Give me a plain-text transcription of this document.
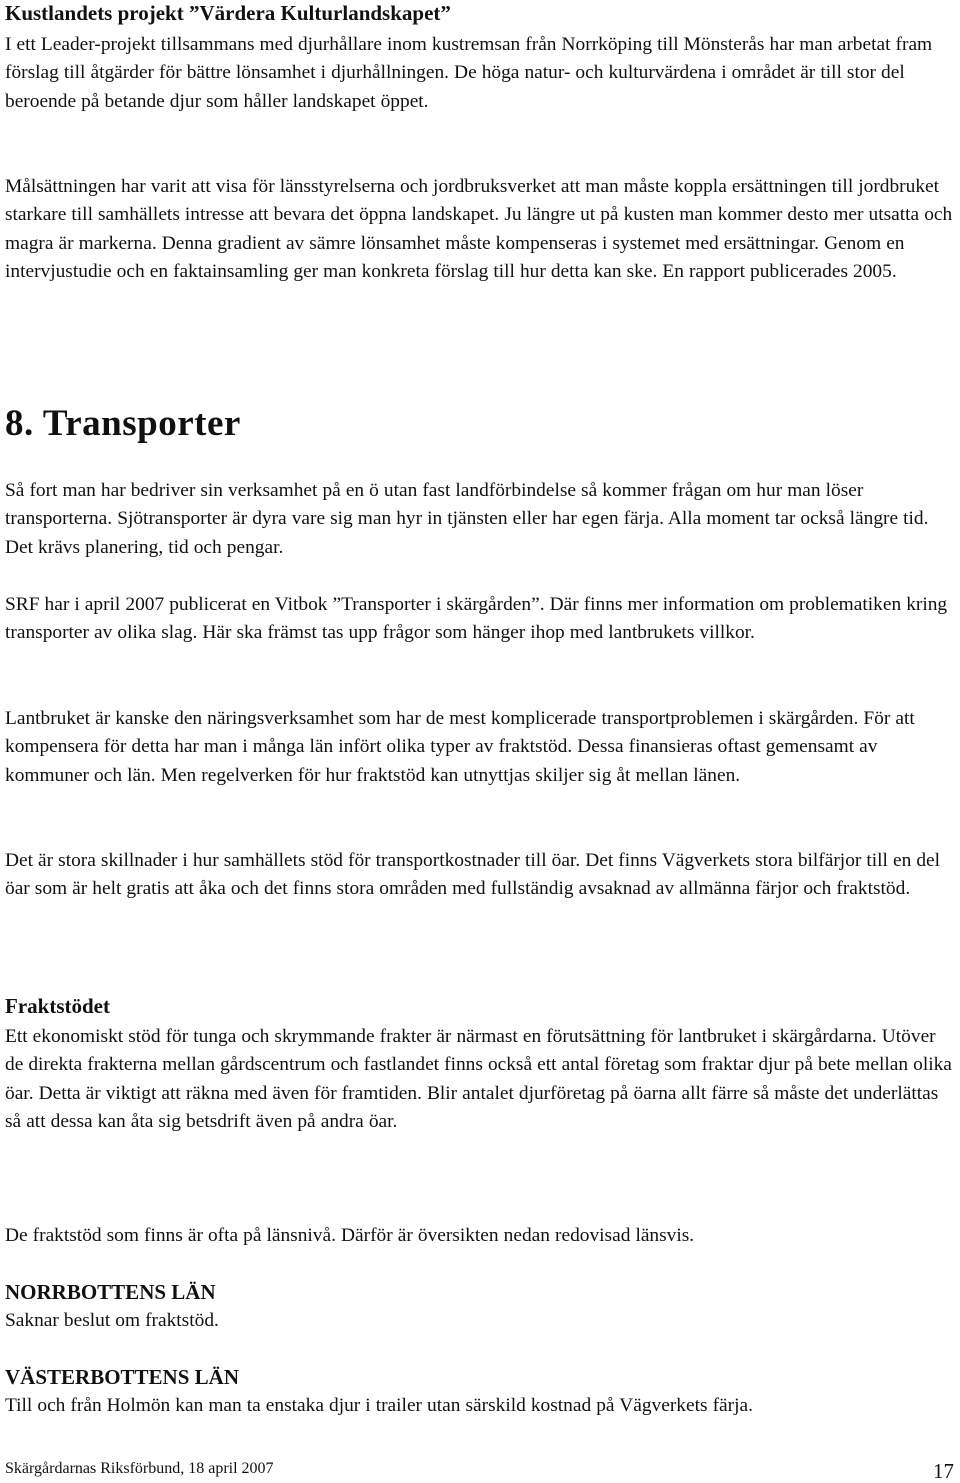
Kustlandets projekt ”Värdera Kulturlandskapet”

I ett Leader-projekt tillsammans med djurhållare inom kustremsan från Norrköping till Mönsterås har man arbetat fram förslag till åtgärder för bättre lönsamhet i djurhållningen. De höga natur- och kulturvärdena i området är till stor del beroende på betande djur som håller landskapet öppet.

Målsättningen har varit att visa för länsstyrelserna och jordbruksverket att man måste koppla ersättningen till jordbruket starkare till samhällets intresse att bevara det öppna landskapet. Ju längre ut på kusten man kommer desto mer utsatta och magra är markerna. Denna gradient av sämre lönsamhet måste kompenseras i systemet med ersättningar. Genom en intervjustudie och en faktainsamling ger man konkreta förslag till hur detta kan ske. En rapport publicerades 2005.

8. Transporter

Så fort man har bedriver sin verksamhet på en ö utan fast landförbindelse så kommer frågan om hur man löser transporterna. Sjötransporter är dyra vare sig man hyr in tjänsten eller har egen färja. Alla moment tar också längre tid. Det krävs planering, tid och pengar.

SRF har i april 2007 publicerat en Vitbok ”Transporter i skärgården”. Där finns mer information om problematiken kring transporter av olika slag. Här ska främst tas upp frågor som hänger ihop med lantbrukets villkor.

Lantbruket är kanske den näringsverksamhet som har de mest komplicerade transportproblemen i skärgården. För att kompensera för detta har man i många län infört olika typer av fraktstöd. Dessa finansieras oftast gemensamt av kommuner och län. Men regelverken för hur fraktstöd kan utnyttjas skiljer sig åt mellan länen.

Det är stora skillnader i hur samhällets stöd för transportkostnader till öar. Det finns Vägverkets stora bilfärjor till en del öar som är helt gratis att åka och det finns stora områden med fullständig avsaknad av allmänna färjor och fraktstöd.

Fraktstödet

Ett ekonomiskt stöd för tunga och skrymmande frakter är närmast en förutsättning för lantbruket i skärgårdarna. Utöver de direkta frakterna mellan gårdscentrum och fastlandet finns också ett antal företag som fraktar djur på bete mellan olika öar. Detta är viktigt att räkna med även för framtiden. Blir antalet djurföretag på öarna allt färre så måste det underlättas så att dessa kan åta sig betsdrift även på andra öar.

De fraktstöd som finns är ofta på länsnivå. Därför är översikten nedan redovisad länsvis.

NORRBOTTENS LÄN

Saknar beslut om fraktstöd.

VÄSTERBOTTENS LÄN

Till och från Holmön kan man ta enstaka djur i trailer utan särskild kostnad på Vägverkets färja.

Skärgårdarnas Riksförbund, 18 april 2007	17
